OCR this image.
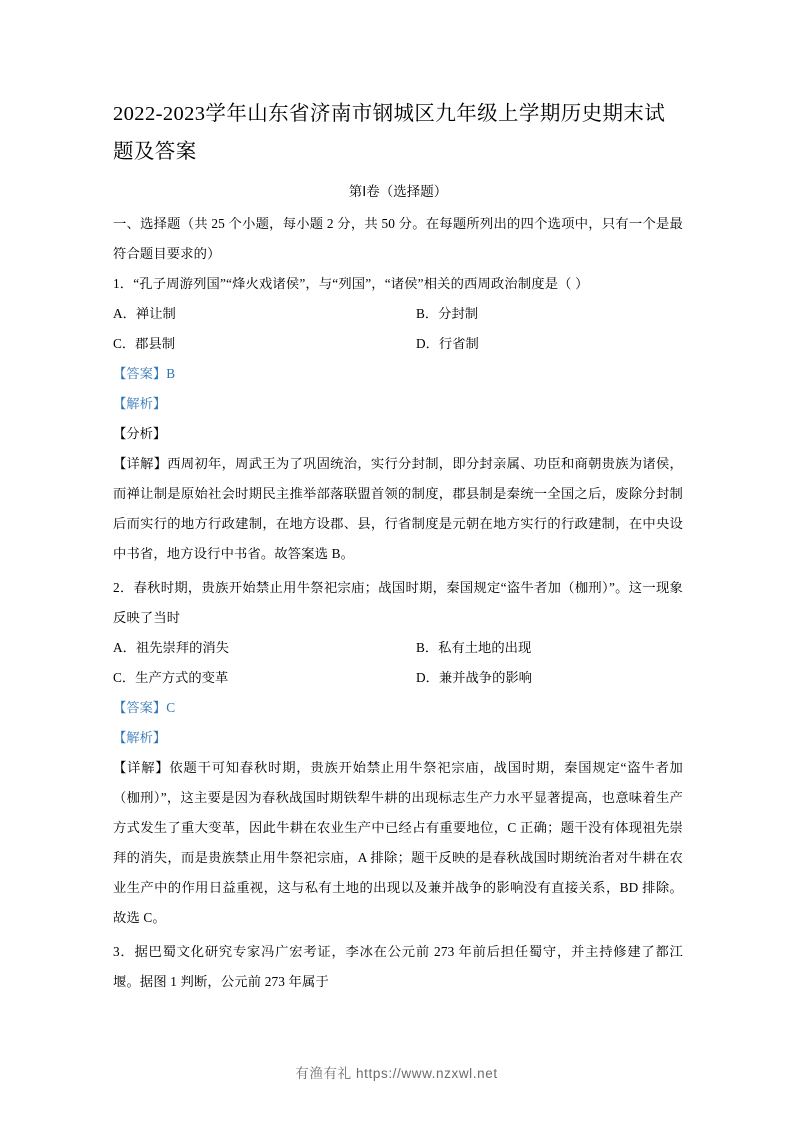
2022-2023学年山东省济南市钢城区九年级上学期历史期末试题及答案
第Ⅰ卷（选择题）

一、选择题（共 25 个小题，每小题 2 分，共 50 分。在每题所列出的四个选项中，只有一个是最符合题目要求的）

1．“孔子周游列国”“烽火戏诸侯”，与“列国”，“诸侯”相关的西周政治制度是（ ）

A．禅让制	B．分封制
C．郡县制	D．行省制
【答案】B
【解析】
【分析】

【详解】西周初年，周武王为了巩固统治，实行分封制，即分封亲属、功臣和商朝贵族为诸侯，而禅让制是原始社会时期民主推举部落联盟首领的制度，郡县制是秦统一全国之后，废除分封制后而实行的地方行政建制，在地方设郡、县，行省制度是元朝在地方实行的行政建制，在中央设中书省，地方设行中书省。故答案选 B。

2．春秋时期，贵族开始禁止用牛祭祀宗庙；战国时期，秦国规定“盗牛者加（枷刑）”。这一现象反映了当时

A．祖先崇拜的消失	B．私有土地的出现
C．生产方式的变革	D．兼并战争的影响
【答案】C
【解析】

【详解】依题干可知春秋时期，贵族开始禁止用牛祭祀宗庙，战国时期，秦国规定“盗牛者加（枷刑）”，这主要是因为春秋战国时期铁犁牛耕的出现标志生产力水平显著提高，也意味着生产方式发生了重大变革，因此牛耕在农业生产中已经占有重要地位，C 正确；题干没有体现祖先崇拜的消失，而是贵族禁止用牛祭祀宗庙，A 排除；题干反映的是春秋战国时期统治者对牛耕在农业生产中的作用日益重视，这与私有土地的出现以及兼并战争的影响没有直接关系，BD 排除。故选 C。

3．据巴蜀文化研究专家冯广宏考证，李冰在公元前 273 年前后担任蜀守，并主持修建了都江堰。据图 1 判断，公元前 273 年属于

有渔有礼 https://www.nzxwl.net
